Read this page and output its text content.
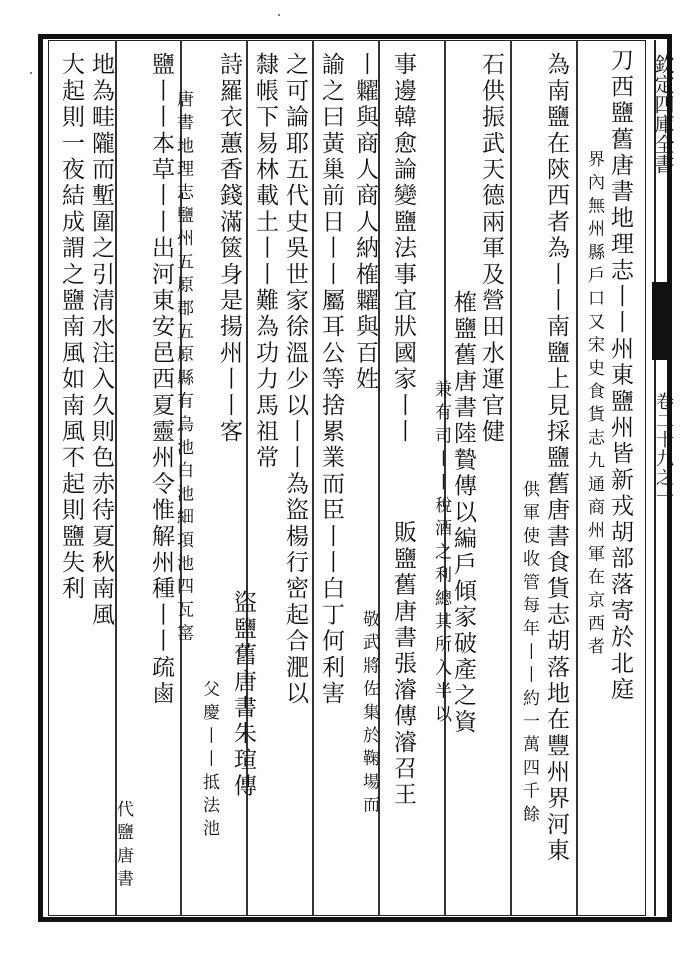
欽定四庫全書
卷二十九之一
刀西鹽舊唐書地理志丨丨州東鹽州皆新戎胡部落寄於北庭
界內無州縣戶口又宋史食貨志九通商州軍在京西者
為南鹽在陝西者為丨丨南鹽上見採鹽舊唐書食貨志胡落地在豐州界河東
供軍使收管每年丨丨約一萬四千餘
石供振武天德兩軍及營田水運官健
榷鹽舊唐書陸贄傳以編戶傾家破產之資
兼有司丨丨稅酒之利總其所入半以
事邊韓愈論變鹽法事宜狀國家丨丨
丨糶與商人商人納榷糶與百姓
販鹽舊唐書張濬傳濬召王
敬武將佐集於鞠場而
諭之曰黃巢前日丨丨屬耳公等捨累業而臣丨丨白丁何利害
之可論耶五代史吳世家徐溫少以丨丨為盜楊行密起合淝以
盜鹽舊唐書朱瑄傳
隸帳下易林載土丨丨難為功力馬祖常
詩羅衣蕙香錢滿篋身是揚州丨丨客
父慶丨丨抵法池
鹽丨丨本草丨丨出河東安邑西夏靈州令惟解州種丨丨疏鹵 唐書地理志鹽州五原郡五原縣有烏池白池細項池四瓦窰
地為畦隴而塹圍之引清水注入久則色赤待夏秋南風
大起則一夜結成謂之鹽南風如南風不起則鹽失利
代鹽唐書
